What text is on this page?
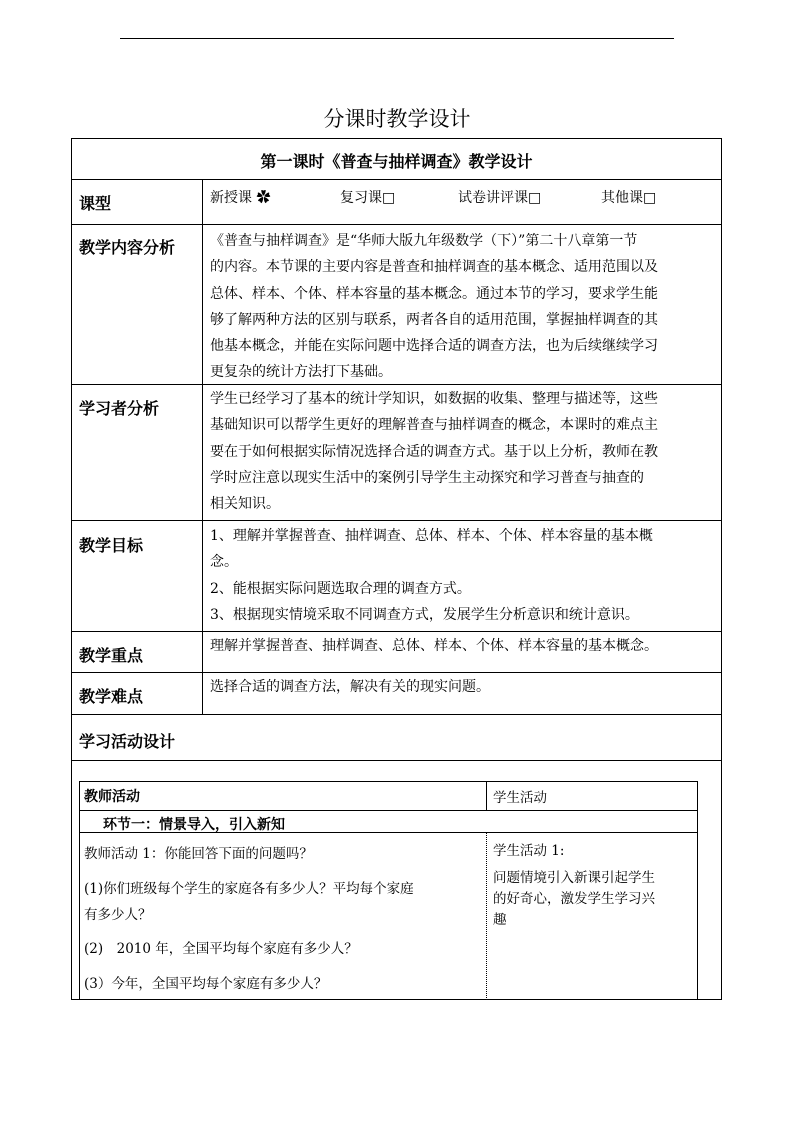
分课时教学设计
第一课时《普查与抽样调查》教学设计
课型	新授课 ✿	复习课□	试卷讲评课□	其他课□
教学内容分析 《普查与抽样调查》是“华师大版九年级数学（下）”第二十八章第一节

的内容。本节课的主要内容是普查和抽样调查的基本概念、适用范围以及

总体、样本、个体、样本容量的基本概念。通过本节的学习，要求学生能

够了解两种方法的区别与联系，两者各自的适用范围，掌握抽样调查的其

他基本概念，并能在实际问题中选择合适的调查方法，也为后续继续学习

更复杂的统计方法打下基础。

学习者分析	学生已经学习了基本的统计学知识，如数据的收集、整理与描述等，这些

基础知识可以帮学生更好的理解普查与抽样调查的概念，本课时的难点主

要在于如何根据实际情况选择合适的调查方式。基于以上分析，教师在教

学时应注意以现实生活中的案例引导学生主动探究和学习普查与抽查的

相关知识。

教学目标	1、理解并掌握普查、抽样调查、总体、样本、个体、样本容量的基本概
念。
2、能根据实际问题选取合理的调查方式。
3、根据现实情境采取不同调查方式，发展学生分析意识和统计意识。
教学重点	理解并掌握普查、抽样调查、总体、样本、个体、样本容量的基本概念。
教学难点	选择合适的调查方法，解决有关的现实问题。
学习活动设计
教师活动	学生活动
环节一：情景导入，引入新知
教师活动 1：你能回答下面的问题吗？
(1)你们班级每个学生的家庭各有多少人？平均每个家庭
有多少人？
(2)　2010 年，全国平均每个家庭有多少人？
(3）今年，全国平均每个家庭有多少人？
学生活动 1:
问题情境引入新课引起学生
的好奇心，激发学生学习兴
趣
